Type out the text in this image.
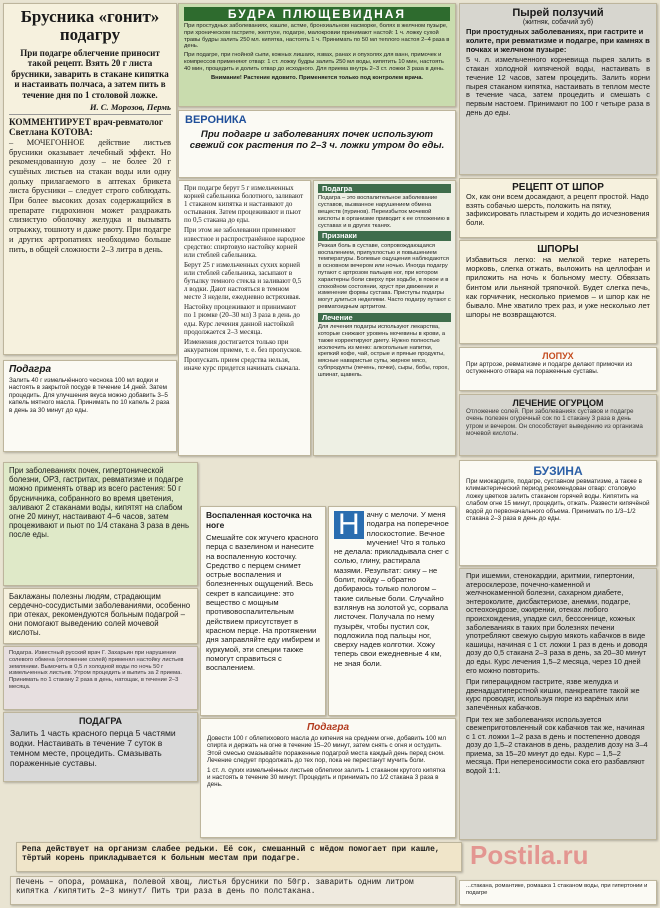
Брусника «гонит» подагру
При подагре облегчение приносит такой рецепт. Взять 20 г листа брусники, заварить в стакане кипятка и настаивать полчаса, а затем пить в течение дня по 1 столовой ложке.
И. С. Морозов, Пермь
КОММЕНТИРУЕТ врач-ревматолог Светлана КОТОВА:
– МОЧЕГОННОЕ действие листьев брусники оказывает лечебный эффект. Но рекомендованную дозу – не более 20 г сушёных листьев на стакан воды или одну дольку прилагаемого в аптеках брикета листа брусники – следует строго соблюдать. При более высоких дозах содержащийся в препарате гидрохинон может раздражать слизистую оболочку желудка и вызывать отрыжку, тошноту и даже рвоту. При подагре и других артропатиях необходимо больше пить, в общей сложности 2–3 литра в день.
Подагра
Залить 40 г измельчённого чеснока 100 мл водки и настоять в закрытой посуде в течение 14 дней. Затем процедить. Для улучшения вкуса можно добавить 3–5 капель мятного масла. Принимать по 10 капель 2 раза в день за 30 минут до еды.
БУДРА ПЛЮЩЕВИДНАЯ
При простудных заболеваниях, кашле, астме, бронхиальном насморке, болях в желчном пузыре, при хроническом гастрите, желтухе, подагре, малокровии принимают настой: 1 ч. ложку сухой травы будры залить 250 мл. кипятка, настоять 1 ч. Принимать по 50 мл теплого настоя 2–4 раза в день.
При подагре, при гнойной сыпи, кожных лишаях, язвах, ранах и опухолях для ванн, примочек и компрессов применяют отвар: 1 ст. ложку будры залить 250 мл воды, кипятить 10 мин, настоять 40 мин, процедить и долить отвар до исходного. Для приема внутрь 2–3 ст. ложки 3 раза в день.
Внимание! Растение ядовито. Применяется только под контролем врача.
ВЕРОНИКА
При подагре и заболеваниях почек используют свежий сок растения по 2–3 ч. ложки утром до еды.
При подагре берут 5 г измельченных корней сабельника болотного, заливают 1 стаканом кипятка и настаивают до остывания. Затем процеживают и пьют по 0,5 стакана до еды.
При этом же заболевании применяют известное и распространённое народное средство: спиртовую настойку корней или стеблей сабельника.
Берут 25 г измельченных сухих корней или стеблей сабельника, засыпают в бутылку темного стекла и заливают 0,5 л водки. Дают настояться в темном месте 3 недели, ежедневно встряхивая.
Настойку процеживают и принимают по 1 рюмке (20–30 мл) 3 раза в день до еды. Курс лечения данной настойкой продолжается 2–3 месяца.
Изменения достигается только при аккуратном приеме, т. е. без пропусков.
Пропускать прием средства нельзя, иначе курс придется начинать сначала.
Подагра
Подагра – это воспалительное заболевание суставов, вызванное нарушением обмена веществ (пуринов). Переизбыток мочевой кислоты в организме приводит к ее отложению в суставах и в других тканях.
Признаки
Резкая боль в суставе, сопровождающаяся воспалением, припухлостью и повышением температуры. Болевые ощущения наблюдаются в основном вечером или ночью. Иногда подагру путают с артрозом пальцев ног, при котором характерны боли сверху при ходьбе, в покое и в спокойном состоянии, хруст при движении и изменение формы сустава. Приступы подагры могут длиться неделями. Часто подагру путают с ревматоидным артритом.
Лечение
Для лечения подагры используют лекарства, которые снижают уровень мочевины в крови, а также корректируют диету. Нужно полностью исключить из меню: алкогольные напитки, крепкий кофе, чай, острые и пряные продукты, мясные наваристые супы, жирное мясо, субпродукты (печень, почки), сыры, бобы, горох, шпинат, щавель.
Пырей ползучий
(житняк, собачий зуб)
При простудных заболеваниях, при гастрите и колите, при ревматизме и подагре, при камнях в почках и желчном пузыре:
5 ч. л. измельченного корневища пырея залить в стакан холодной кипяченой воды, настаивать в течение 12 часов, затем процедить. Залить корни пырея стаканом кипятка, настаивать в теплом месте в течение часа, затем процедить и смешать с первым настоем. Принимают по 100 г четыре раза в день до еды.
РЕЦЕПТ ОТ ШПОР
Ох, как они всем досаждают, а рецепт простой. Надо взять собачью шерсть, положить на пятку, зафиксировать пластырем и ходить до исчезновения боли.
ШПОРЫ
Избавиться легко: на мелкой терке натереть морковь, слегка отжать, выложить на целлофан и приложить на ночь к больному месту. Обвязать бинтом или льняной тряпочкой. Будет слегка печь, как горчичник, несколько приемов – и шпор как не бывало. Мне хватило трех раз, и уже несколько лет шпоры не возвращаются.
ЛОПУХ
При артрозе, ревматизме и подагре делают примочки из остуженного отвара на пораженные суставы.
ЛЕЧЕНИЕ ОГУРЦОМ
Отложение солей. При заболеваниях суставов и подагре очень полезен огуречный сок по 1 стакану 3 раза в день утром и вечером. Он способствует выведению из организма мочевой кислоты.
При заболеваниях почек, гипертонической болезни, ОРЗ, гастритах, ревматизме и подагре можно применять отвар из всего растения: 50 г брусничника, собранного во время цветения, заливают 2 стаканами воды, кипятят на слабом огне 20 минут, настаивают 4–6 часов, затем процеживают и пьют по 1/4 стакана 3 раза в день после еды.
Баклажаны полезны людям, страдающим сердечно-сосудистыми заболеваниями, особенно при отеках, рекомендуются больным подагрой – они помогают выведению солей мочевой кислоты.
Подагра. Известный русский врач Г. Захарьин при нарушении солевого обмена (отложение солей) применял настойку листьев земляники. Вымочить в 0,5 л холодной воды по ночь 50 г измельченных листьев. Утром процедить и выпить за 2 приема. Принимать по 1 стакану 2 раза в день, натощак, в течение 2–3 месяца.
ПОДАГРА
Залить 1 часть красного перца 5 частями водки. Настаивать в течение 7 суток в темном месте, процедить. Смазывать пораженные суставы.
Воспаленная косточка на ноге
Смешайте сок жгучего красного перца с вазелином и нанесите на воспаленную косточку. Средство с перцем снимет острые воспаления и болезненных ощущений. Весь секрет в капсаицине: это вещество с мощным противовоспалительным действием присутствует в красном перце. На протяжении дня заправляйте еду имбирем и куркумой, эти специи также помогут справиться с воспалением.
Н ачну с мелочи. У меня подагра на поперечное плоскостопие. Вечное мучение! Что я только не делала: прикладывала снег с солью, глину, растирала мазями. Результат: сижу – не болит, пойду – обратно добираюсь только пологом – такие сильные боли. Случайно взглянув на золотой ус, сорвала листочек. Получала по нему пузырёк, чтобы пустил сок, подложила под пальцы ног, сверху надев колготки. Хожу теперь свои ежедневные 4 км, не зная боли.
Подагра
Довести 100 г облепихового масла до кипения на среднем огне, добавить 100 мл спирта и держать на огне в течение 15–20 минут, затем снять с огня и остудить. Этой смесью смазывайте пораженные подагрой места каждый день перед сном. Лечение следует продолжать до тех пор, пока не перестанут мучить боли.
1 ст. л. сухих измельчённых листьев облепихи залить 1 стаканом крутого кипятка и настоять в течение 30 минут. Процедить и принимать по 1/2 стакана 3 раза в день.
БУЗИНА
При миокардите, подагре, суставном ревматизме, а также в климактерический период рекомендован отвар: столовую ложку цветков залить стаканом горячей воды. Кипятить на слабом огне 15 минут, процедить, отжать. Развести кипячёной водой до первоначального объема. Принимать по 1/3–1/2 стакана 2–3 раза в день до еды.
При ишемии, стенокардии, аритмии, гипертонии, атеросклерозе, почечно-каменной и желчнокаменной болезни, сахарном диабете, энтероколите, дисбактериозе, анемии, подагре, остеохондрозе, ожирении, отеках любого происхождения, упадке сил, бессоннице, кожных заболеваниях в таких при болезнях печени употребляют свежую сырую мякоть кабачков в виде кашицы, начиная с 1 ст. ложки 1 раз в день и доводя дозу до 0,5 стакана 2–3 раза в день, за 20–30 минут до еды. Курс лечения 1,5–2 месяца, через 10 дней его можно повторить.
При гиперацидном гастрите, язве желудка и двенадцатиперстной кишки, панкреатите такой же курс проводят, используя пюре из варёных или запечённых кабачков.
При тех же заболеваниях используется свежеприготовленный сок кабачков так же, начиная с 1 ст. ложки 1–2 раза в день и постепенно доводя дозу до 1,5–2 стаканов в день, разделив дозу на 3–4 приема, за 15–20 минут до еды. Курс – 1,5–2 месяца. При непереносимости сока его разбавляют водой 1:1.
Репа действует на организм слабее редьки. Её сок, смешанный с мёдом помогает при кашле, тёртый корень прикладывается к больным местам при подагре.
Печень – опора, ромашка, полевой хвощ, листья брусники по 50гр. заварить одним литром кипятка /кипятить 2–3 минут/ Пить три раза в день по полстакана.
...стакана, романтике, ромашка 1 стаканом воды, при гипертонии и подагре
Postila.ru
